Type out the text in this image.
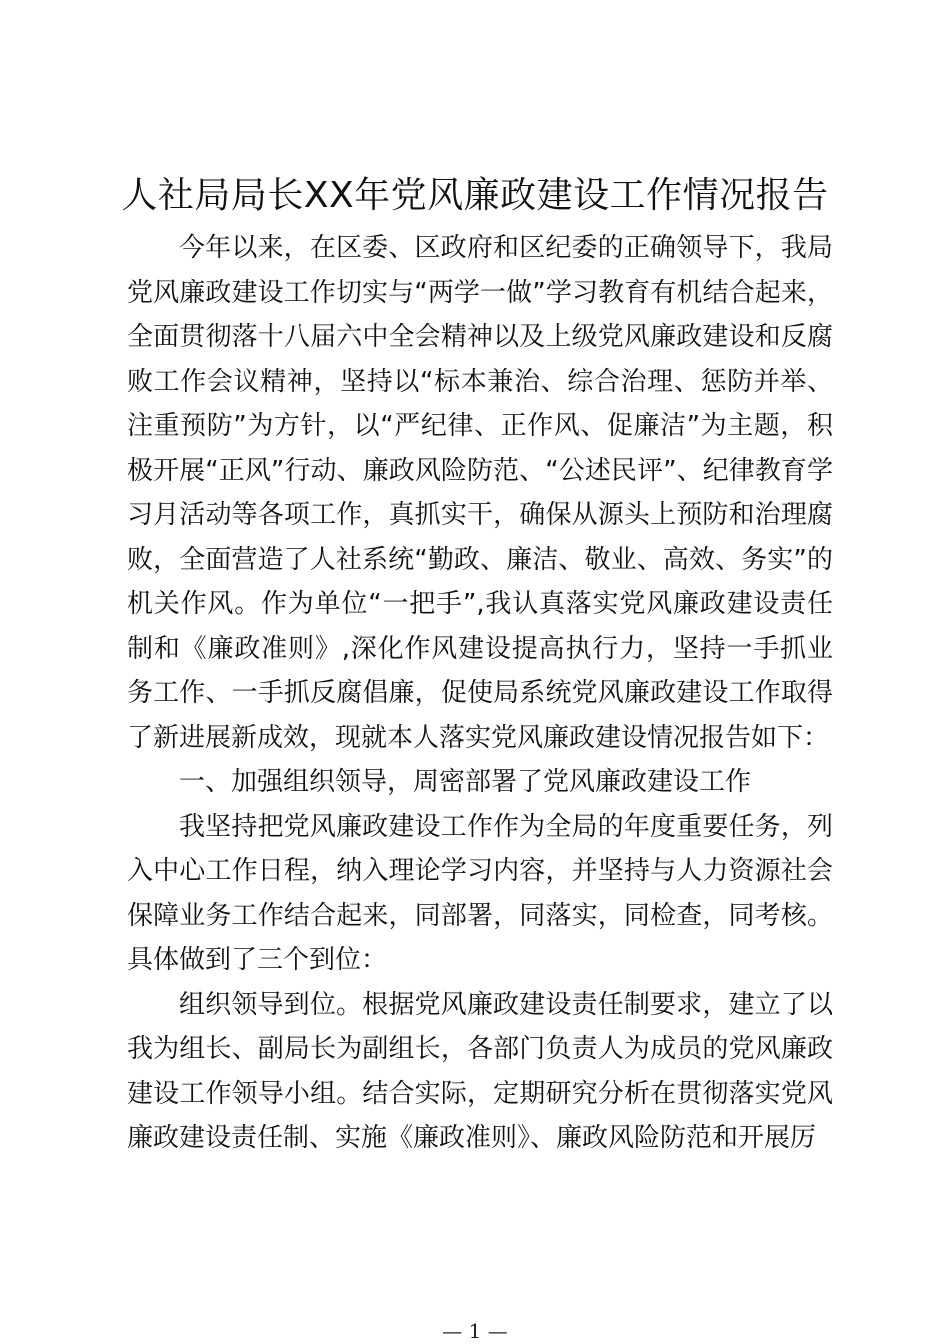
人社局局长XX年党风廉政建设工作情况报告

今年以来，在区委、区政府和区纪委的正确领导下，我局党风廉政建设工作切实与“两学一做”学习教育有机结合起来，全面贯彻落十八届六中全会精神以及上级党风廉政建设和反腐败工作会议精神，坚持以“标本兼治、综合治理、惩防并举、注重预防”为方针，以“严纪律、正作风、促廉洁”为主题，积极开展“正风”行动、廉政风险防范、“公述民评”、纪律教育学习月活动等各项工作，真抓实干，确保从源头上预防和治理腐败，全面营造了人社系统“勤政、廉洁、敬业、高效、务实”的机关作风。作为单位“一把手”,我认真落实党风廉政建设责任制和《廉政准则》,深化作风建设提高执行力，坚持一手抓业务工作、一手抓反腐倡廉，促使局系统党风廉政建设工作取得了新进展新成效，现就本人落实党风廉政建设情况报告如下：

一、加强组织领导，周密部署了党风廉政建设工作

我坚持把党风廉政建设工作作为全局的年度重要任务，列入中心工作日程，纳入理论学习内容，并坚持与人力资源社会保障业务工作结合起来，同部署，同落实，同检查，同考核。具体做到了三个到位：

组织领导到位。根据党风廉政建设责任制要求，建立了以我为组长、副局长为副组长，各部门负责人为成员的党风廉政建设工作领导小组。结合实际，定期研究分析在贯彻落实党风廉政建设责任制、实施《廉政准则》、廉政风险防范和开展厉

— 1 —
